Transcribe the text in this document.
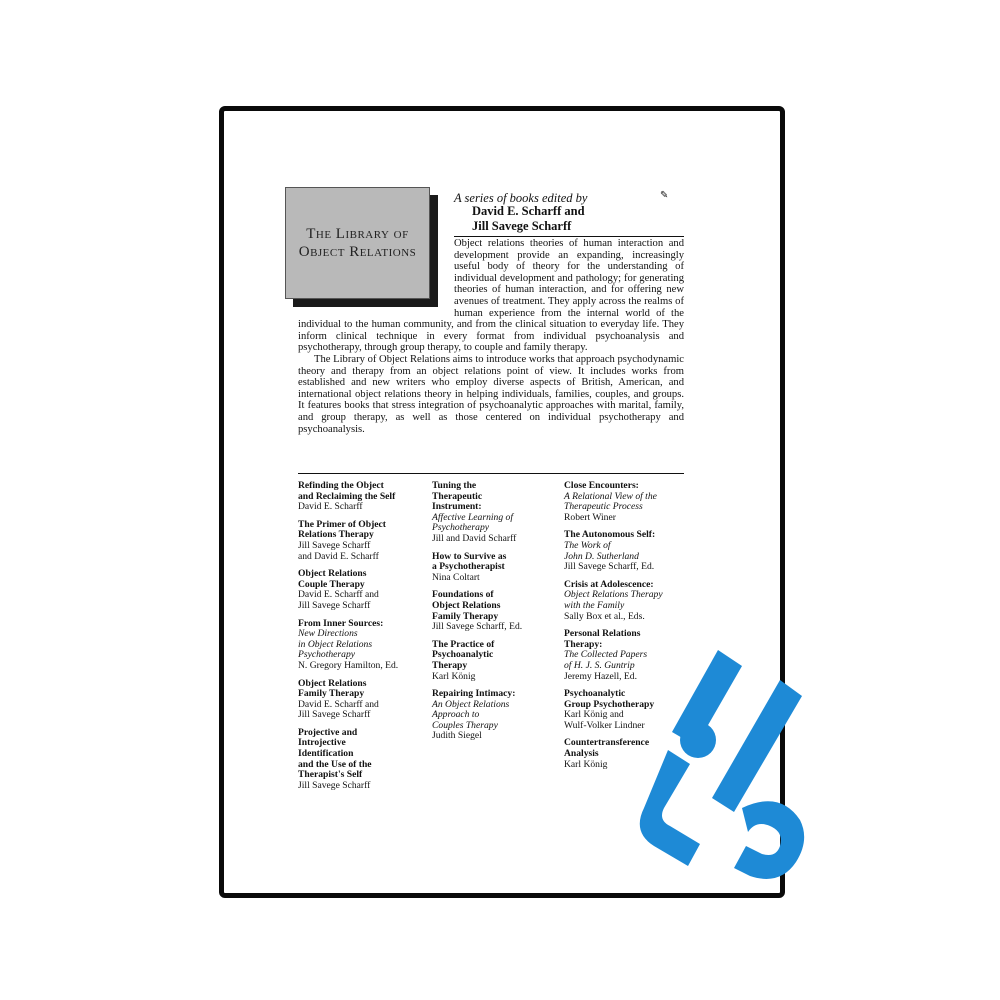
The Library of Object Relations
A series of books edited by
David E. Scharff and
Jill Savege Scharff
✎

Object relations theories of human interaction and development provide an expanding, increasingly useful body of theory for the understanding of individual development and pathology; for generating theories of human interaction, and for offering new avenues of treatment. They apply across the realms of human experience from the internal world of the individual to the human community, and from the clinical situation to everyday life. They inform clinical technique in every format from individual psychoanalysis and psychotherapy, through group therapy, to couple and family therapy.

The Library of Object Relations aims to introduce works that approach psychodynamic theory and therapy from an object relations point of view. It includes works from established and new writers who employ diverse aspects of British, American, and international object relations theory in helping individuals, families, couples, and groups. It features books that stress integration of psychoanalytic approaches with marital, family, and group therapy, as well as those centered on individual psychotherapy and psychoanalysis.

Refinding the Object
and Reclaiming the Self
David E. Scharff
The Primer of Object
Relations Therapy
Jill Savege Scharff
and David E. Scharff
Object Relations
Couple Therapy
David E. Scharff and
Jill Savege Scharff
From Inner Sources:
New Directions
in Object Relations
Psychotherapy
N. Gregory Hamilton, Ed.
Object Relations
Family Therapy
David E. Scharff and
Jill Savege Scharff
Projective and
Introjective
Identification
and the Use of the
Therapist's Self
Jill Savege Scharff
Tuning the
Therapeutic
Instrument:
Affective Learning of
Psychotherapy
Jill and David Scharff
How to Survive as
a Psychotherapist
Nina Coltart
Foundations of
Object Relations
Family Therapy
Jill Savege Scharff, Ed.
The Practice of
Psychoanalytic
Therapy
Karl König
Repairing Intimacy:
An Object Relations
Approach to
Couples Therapy
Judith Siegel
Close Encounters:
A Relational View of the
Therapeutic Process
Robert Winer
The Autonomous Self:
The Work of
John D. Sutherland
Jill Savege Scharff, Ed.
Crisis at Adolescence:
Object Relations Therapy
with the Family
Sally Box et al., Eds.
Personal Relations
Therapy:
The Collected Papers
of H. J. S. Guntrip
Jeremy Hazell, Ed.
Psychoanalytic
Group Psychotherapy
Karl König and
Wulf-Volker Lindner
Countertransference
Analysis
Karl König
